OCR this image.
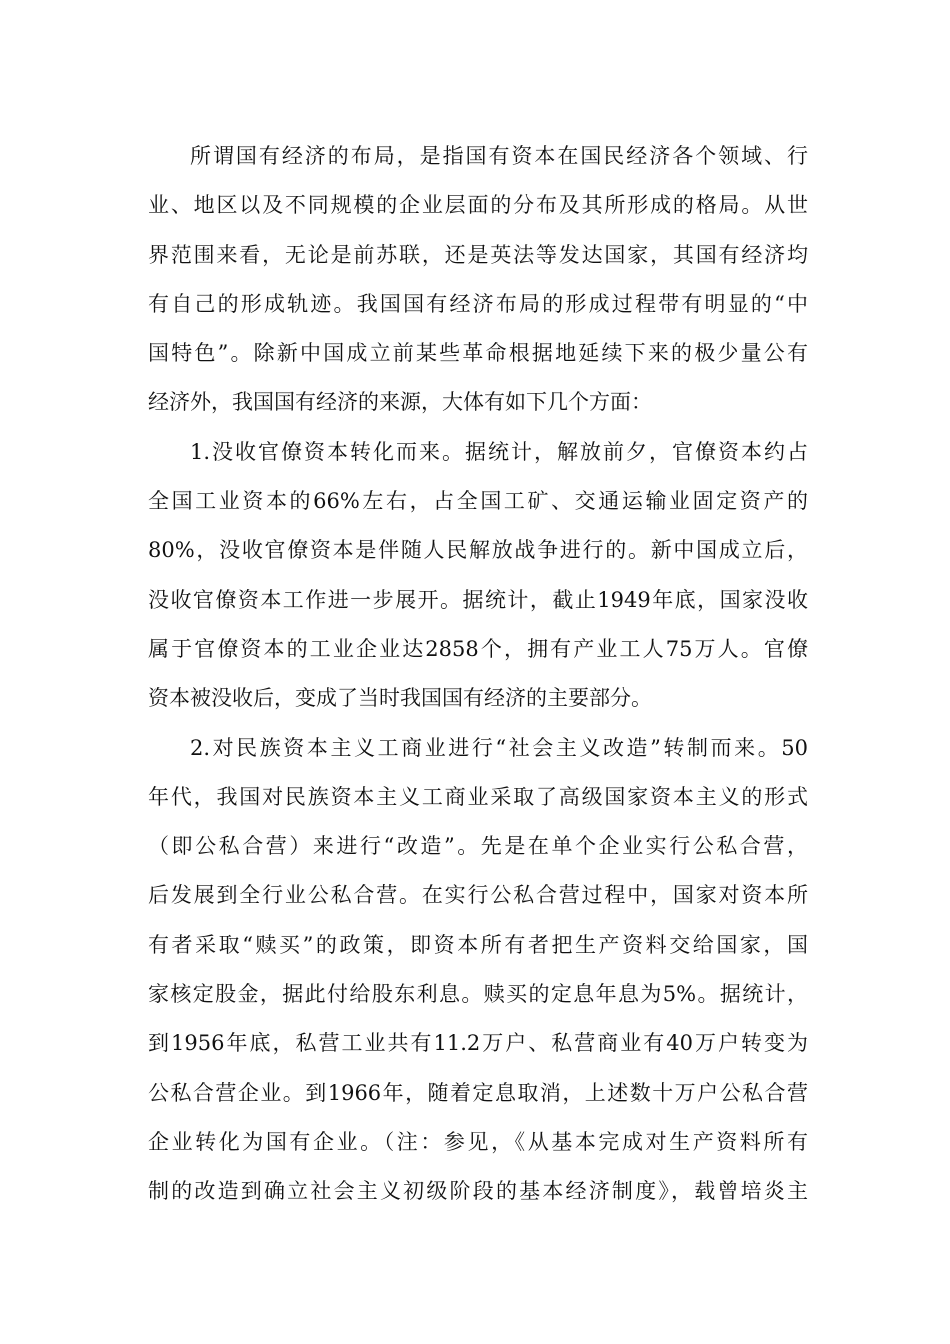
所谓国有经济的布局，是指国有资本在国民经济各个领域、行
业、地区以及不同规模的企业层面的分布及其所形成的格局。从世
界范围来看，无论是前苏联，还是英法等发达国家，其国有经济均
有自己的形成轨迹。我国国有经济布局的形成过程带有明显的“中
国特色”。除新中国成立前某些革命根据地延续下来的极少量公有
经济外，我国国有经济的来源，大体有如下几个方面：
1.没收官僚资本转化而来。据统计，解放前夕，官僚资本约占
全国工业资本的66%左右，占全国工矿、交通运输业固定资产的
80%，没收官僚资本是伴随人民解放战争进行的。新中国成立后，
没收官僚资本工作进一步展开。据统计，截止1949年底，国家没收
属于官僚资本的工业企业达2858个，拥有产业工人75万人。官僚
资本被没收后，变成了当时我国国有经济的主要部分。
2.对民族资本主义工商业进行“社会主义改造”转制而来。50
年代，我国对民族资本主义工商业采取了高级国家资本主义的形式
（即公私合营）来进行“改造”。先是在单个企业实行公私合营，
后发展到全行业公私合营。在实行公私合营过程中，国家对资本所
有者采取“赎买”的政策，即资本所有者把生产资料交给国家，国
家核定股金，据此付给股东利息。赎买的定息年息为5%。据统计，
到1956年底，私营工业共有11.2万户、私营商业有40万户转变为
公私合营企业。到1966年，随着定息取消，上述数十万户公私合营
企业转化为国有企业。（注：参见，《从基本完成对生产资料所有
制的改造到确立社会主义初级阶段的基本经济制度》，载曾培炎主
